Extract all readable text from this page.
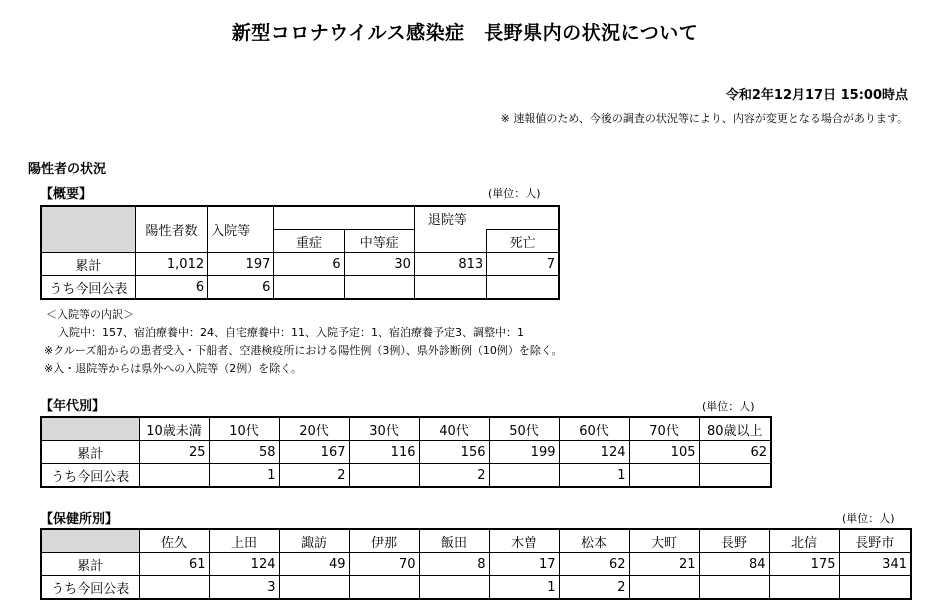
新型コロナウイルス感染症　長野県内の状況について
令和2年12月17日 15:00時点
※ 速報値のため、今後の調査の状況等により、内容が変更となる場合があります。
陽性者の状況
【概要】	(単位：人)
	陽性者数	入院等			退院等	
			重症	中等症		死亡
累計	1,012	197	6	30	813	7
うち今回公表	6	6				
＜入院等の内訳＞
入院中：157、宿泊療養中：24、自宅療養中：11、入院予定：1、宿泊療養予定3、調整中：1
※クルーズ船からの患者受入・下船者、空港検疫所における陽性例（3例）、県外診断例（10例）を除く。
※入・退院等からは県外への入院等（2例）を除く。
【年代別】	(単位：人)
	10歳未満	10代	20代	30代	40代	50代	60代	70代	80歳以上
累計	25	58	167	116	156	199	124	105	62
うち今回公表		1	2		2		1		
【保健所別】	(単位：人)
	佐久	上田	諏訪	伊那	飯田	木曽	松本	大町	長野	北信	長野市
累計	61	124	49	70	8	17	62	21	84	175	341
うち今回公表		3				1	2				
